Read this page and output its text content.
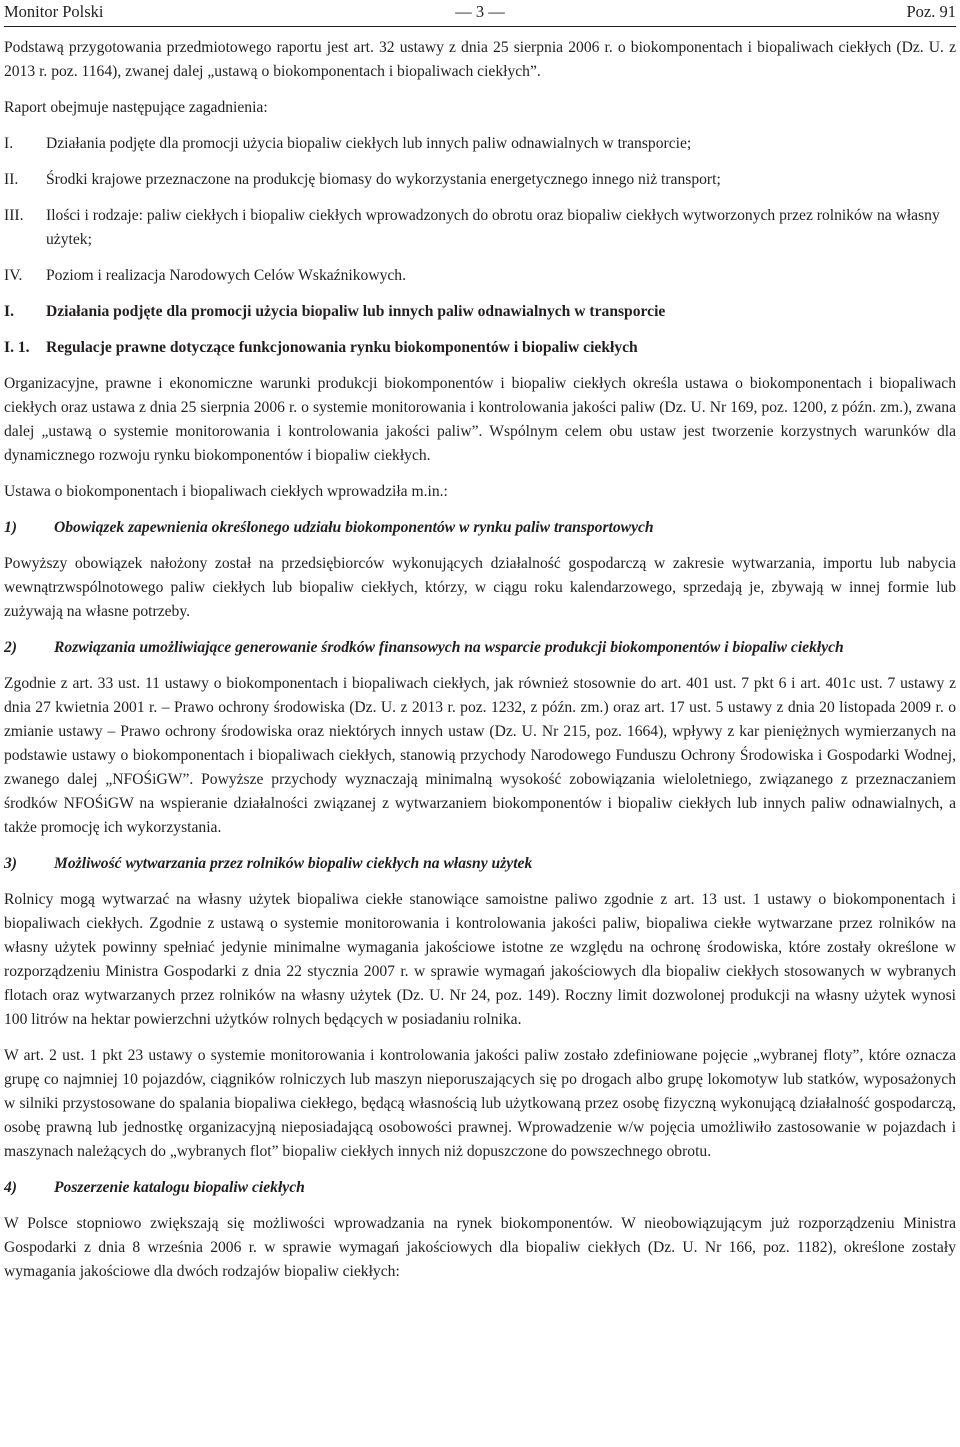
Monitor Polski	— 3 —	Poz. 91

Podstawą przygotowania przedmiotowego raportu jest art. 32 ustawy z dnia 25 sierpnia 2006 r. o biokomponentach i biopaliwach ciekłych (Dz. U. z 2013 r. poz. 1164), zwanej dalej „ustawą o biokomponentach i biopaliwach ciekłych”.

Raport obejmuje następujące zagadnienia:

I.	Działania podjęte dla promocji użycia biopaliw ciekłych lub innych paliw odnawialnych w transporcie;
II.	Środki krajowe przeznaczone na produkcję biomasy do wykorzystania energetycznego innego niż transport;
III.	Ilości i rodzaje: paliw ciekłych i biopaliw ciekłych wprowadzonych do obrotu oraz biopaliw ciekłych wytworzonych przez rolników na własny użytek;
IV.	Poziom i realizacja Narodowych Celów Wskaźnikowych.
I.	Działania podjęte dla promocji użycia biopaliw lub innych paliw odnawialnych w transporcie
I. 1.	Regulacje prawne dotyczące funkcjonowania rynku biokomponentów i biopaliw ciekłych

Organizacyjne, prawne i ekonomiczne warunki produkcji biokomponentów i biopaliw ciekłych określa ustawa o biokomponentach i biopaliwach ciekłych oraz ustawa z dnia 25 sierpnia 2006 r. o systemie monitorowania i kontrolowania jakości paliw (Dz. U. Nr 169, poz. 1200, z późn. zm.), zwana dalej „ustawą o systemie monitorowania i kontrolowania jakości paliw”. Wspólnym celem obu ustaw jest tworzenie korzystnych warunków dla dynamicznego rozwoju rynku biokomponentów i biopaliw ciekłych.

Ustawa o biokomponentach i biopaliwach ciekłych wprowadziła m.in.:

1)	Obowiązek zapewnienia określonego udziału biokomponentów w rynku paliw transportowych

Powyższy obowiązek nałożony został na przedsiębiorców wykonujących działalność gospodarczą w zakresie wytwarzania, importu lub nabycia wewnątrzwspólnotowego paliw ciekłych lub biopaliw ciekłych, którzy, w ciągu roku kalendarzowego, sprzedają je, zbywają w innej formie lub zużywają na własne potrzeby.

2)	Rozwiązania umożliwiające generowanie środków finansowych na wsparcie produkcji biokomponentów i biopaliw ciekłych

Zgodnie z art. 33 ust. 11 ustawy o biokomponentach i biopaliwach ciekłych, jak również stosownie do art. 401 ust. 7 pkt 6 i art. 401c ust. 7 ustawy z dnia 27 kwietnia 2001 r. – Prawo ochrony środowiska (Dz. U. z 2013 r. poz. 1232, z późn. zm.) oraz art. 17 ust. 5 ustawy z dnia 20 listopada 2009 r. o zmianie ustawy – Prawo ochrony środowiska oraz niektórych innych ustaw (Dz. U. Nr 215, poz. 1664), wpływy z kar pieniężnych wymierzanych na podstawie ustawy o biokomponentach i biopaliwach ciekłych, stanowią przychody Narodowego Funduszu Ochrony Środowiska i Gospodarki Wodnej, zwanego dalej „NFOŚiGW”. Powyższe przychody wyznaczają minimalną wysokość zobowiązania wieloletniego, związanego z przeznaczaniem środków NFOŚiGW na wspieranie działalności związanej z wytwarzaniem biokomponentów i biopaliw ciekłych lub innych paliw odnawialnych, a także promocję ich wykorzystania.

3)	Możliwość wytwarzania przez rolników biopaliw ciekłych na własny użytek

Rolnicy mogą wytwarzać na własny użytek biopaliwa ciekłe stanowiące samoistne paliwo zgodnie z art. 13 ust. 1 ustawy o biokomponentach i biopaliwach ciekłych. Zgodnie z ustawą o systemie monitorowania i kontrolowania jakości paliw, biopaliwa ciekłe wytwarzane przez rolników na własny użytek powinny spełniać jedynie minimalne wymagania jakościowe istotne ze względu na ochronę środowiska, które zostały określone w rozporządzeniu Ministra Gospodarki z dnia 22 stycznia 2007 r. w sprawie wymagań jakościowych dla biopaliw ciekłych stosowanych w wybranych flotach oraz wytwarzanych przez rolników na własny użytek (Dz. U. Nr 24, poz. 149). Roczny limit dozwolonej produkcji na własny użytek wynosi 100 litrów na hektar powierzchni użytków rolnych będących w posiadaniu rolnika.

W art. 2 ust. 1 pkt 23 ustawy o systemie monitorowania i kontrolowania jakości paliw zostało zdefiniowane pojęcie „wybranej floty”, które oznacza grupę co najmniej 10 pojazdów, ciągników rolniczych lub maszyn nieporuszających się po drogach albo grupę lokomotyw lub statków, wyposażonych w silniki przystosowane do spalania biopaliwa ciekłego, będącą własnością lub użytkowaną przez osobę fizyczną wykonującą działalność gospodarczą, osobę prawną lub jednostkę organizacyjną nieposiadającą osobowości prawnej. Wprowadzenie w/w pojęcia umożliwiło zastosowanie w pojazdach i maszynach należących do „wybranych flot” biopaliw ciekłych innych niż dopuszczone do powszechnego obrotu.

4)	Poszerzenie katalogu biopaliw ciekłych

W Polsce stopniowo zwiększają się możliwości wprowadzania na rynek biokomponentów. W nieobowiązującym już rozporządzeniu Ministra Gospodarki z dnia 8 września 2006 r. w sprawie wymagań jakościowych dla biopaliw ciekłych (Dz. U. Nr 166, poz. 1182), określone zostały wymagania jakościowe dla dwóch rodzajów biopaliw ciekłych:
